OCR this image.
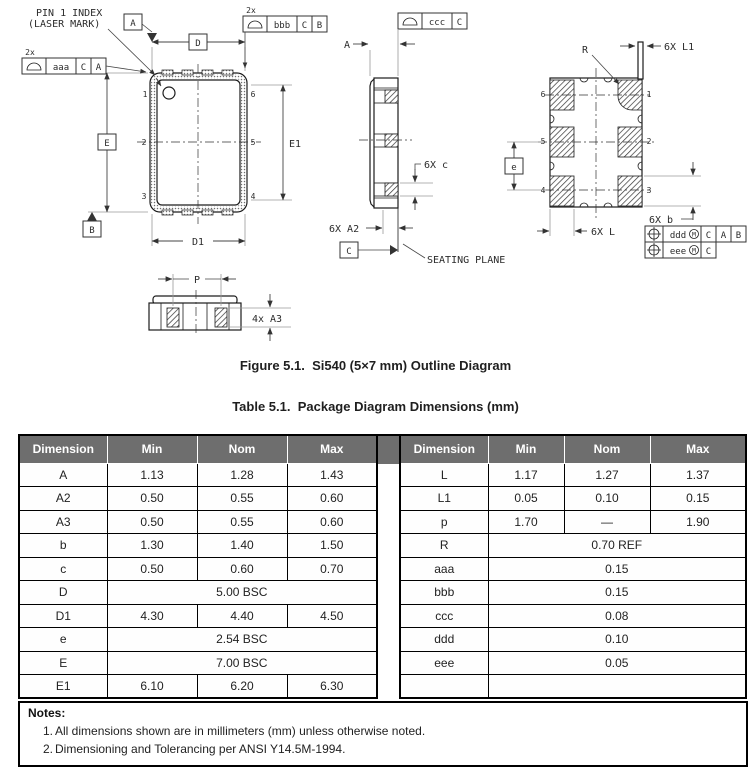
PIN 1 INDEX
(LASER MARK)
D
A
E
B
D1
E1
2x
aaa C A
1
2
3
6
5
4
2x
bbb C B	ccc C
A
6X c
6X A2
C
SEATING PLANE
6X L1
R
e
6X L
6X b
6
5
4
1
2
3
ddd M C A B
eee M C
P
4x A3
Figure 5.1.  Si540 (5×7 mm) Outline Diagram
Table 5.1.  Package Diagram Dimensions (mm)
Dimension	Min	Nom	Max
A	1.13	1.28	1.43
A2	0.50	0.55	0.60
A3	0.50	0.55	0.60
b	1.30	1.40	1.50
c	0.50	0.60	0.70
D	5.00 BSC		
D1	4.30	4.40	4.50
e	2.54 BSC		
E	7.00 BSC		
E1	6.10	6.20	6.30
Dimension	Min	Nom	Max
L	1.17	1.27	1.37
L1	0.05	0.10	0.15
p	1.70	—	1.90
R	0.70 REF		
aaa	0.15		
bbb	0.15		
ccc	0.08		
ddd	0.10		
eee	0.05		

Notes:
1. All dimensions shown are in millimeters (mm) unless otherwise noted.
2. Dimensioning and Tolerancing per ANSI Y14.5M-1994.
